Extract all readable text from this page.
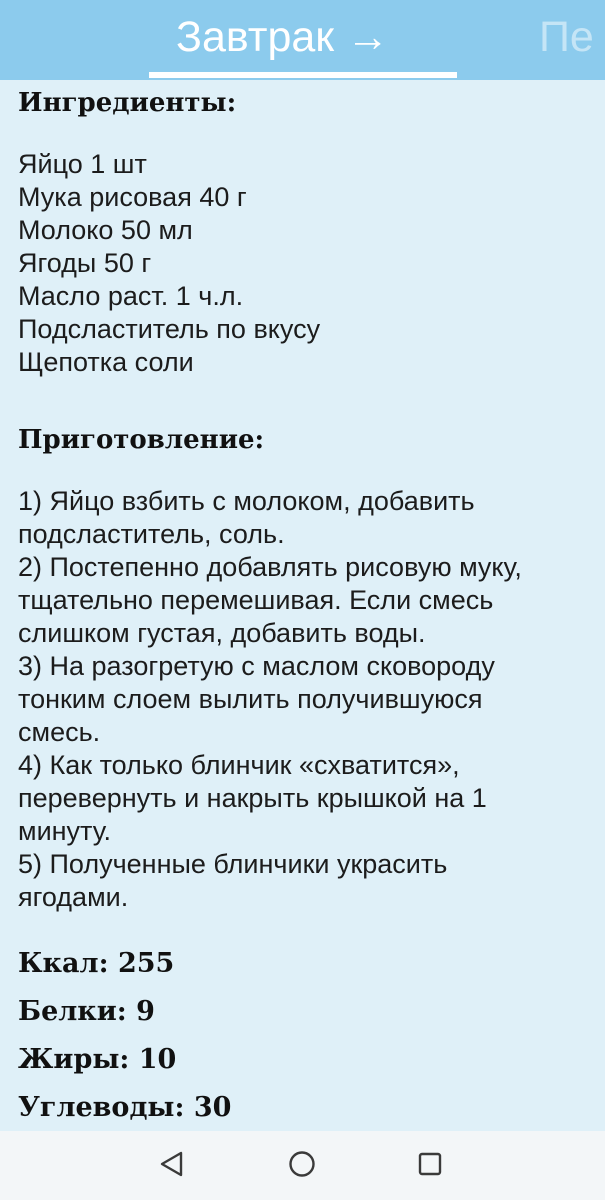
Завтрак →	Пе
Ингредиенты:
Яйцо 1 шт
Мука рисовая 40 г
Молоко 50 мл
Ягоды 50 г
Масло раст. 1 ч.л.
Подсластитель по вкусу
Щепотка соли
Приготовление:
1) Яйцо взбить с молоком, добавить
подсластитель, соль.
2) Постепенно добавлять рисовую муку,
тщательно перемешивая. Если смесь
слишком густая, добавить воды.
3) На разогретую с маслом сковороду
тонким слоем вылить получившуюся
смесь.
4) Как только блинчик «схватится»,
перевернуть и накрыть крышкой на 1
минуту.
5) Полученные блинчики украсить
ягодами.
Ккал: 255
Белки: 9
Жиры: 10
Углеводы: 30
